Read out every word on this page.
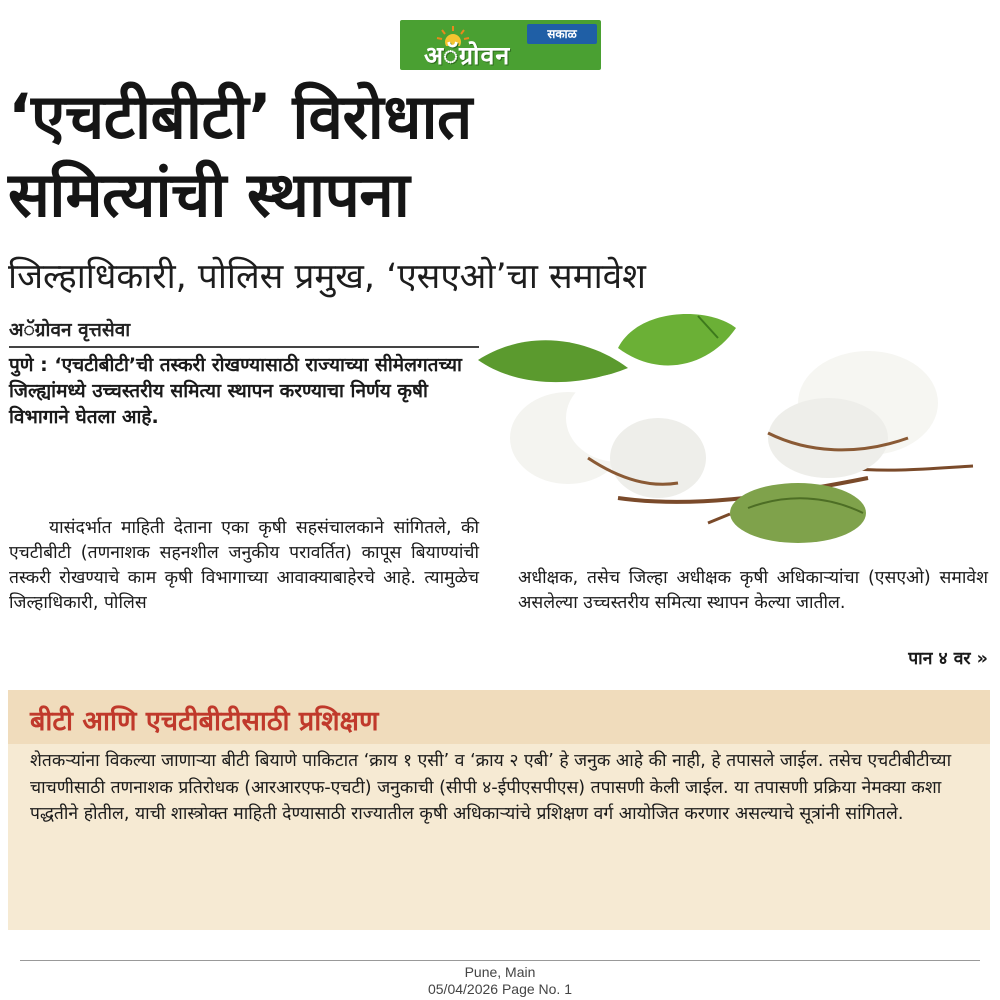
अॅग्रोवन
सकाळ
‘एचटीबीटी’ विरोधात
समित्यांची स्थापना
जिल्हाधिकारी, पोलिस प्रमुख, ‘एसएओ’चा समावेश
अॅग्रोवन वृत्तसेवा
पुणे : ‘एचटीबीटी’ची तस्करी रोखण्यासाठी राज्याच्या सीमेलगतच्या जिल्ह्यांमध्ये उच्चस्तरीय समित्या स्थापन करण्याचा निर्णय कृषी विभागाने घेतला आहे.
यासंदर्भात माहिती देताना एका कृषी सहसंचालकाने सांगितले, की एचटीबीटी (तणनाशक सहनशील जनुकीय परावर्तित) कापूस बियाण्यांची तस्करी रोखण्याचे काम कृषी विभागाच्या आवाक्याबाहेरचे आहे. त्यामुळेच जिल्हाधिकारी, पोलिस
अधीक्षक, तसेच जिल्हा अधीक्षक कृषी अधिकाऱ्यांचा (एसएओ) समावेश असलेल्या उच्चस्तरीय समित्या स्थापन केल्या जातील.
पान ४ वर »
बीटी आणि एचटीबीटीसाठी प्रशिक्षण
शेतकऱ्यांना विकल्या जाणाऱ्या बीटी बियाणे पाकिटात ‘क्राय १ एसी’ व ‘क्राय २ एबी’ हे जनुक आहे की नाही, हे तपासले जाईल. तसेच एचटीबीटीच्या चाचणीसाठी तणनाशक प्रतिरोधक (आरआरएफ-एचटी) जनुकाची (सीपी ४-ईपीएसपीएस) तपासणी केली जाईल. या तपासणी प्रक्रिया नेमक्या कशा पद्धतीने होतील, याची शास्त्रोक्त माहिती देण्यासाठी राज्यातील कृषी अधिकाऱ्यांचे प्रशिक्षण वर्ग आयोजित करणार असल्याचे सूत्रांनी सांगितले.
Pune, Main
05/04/2026 Page No. 1
